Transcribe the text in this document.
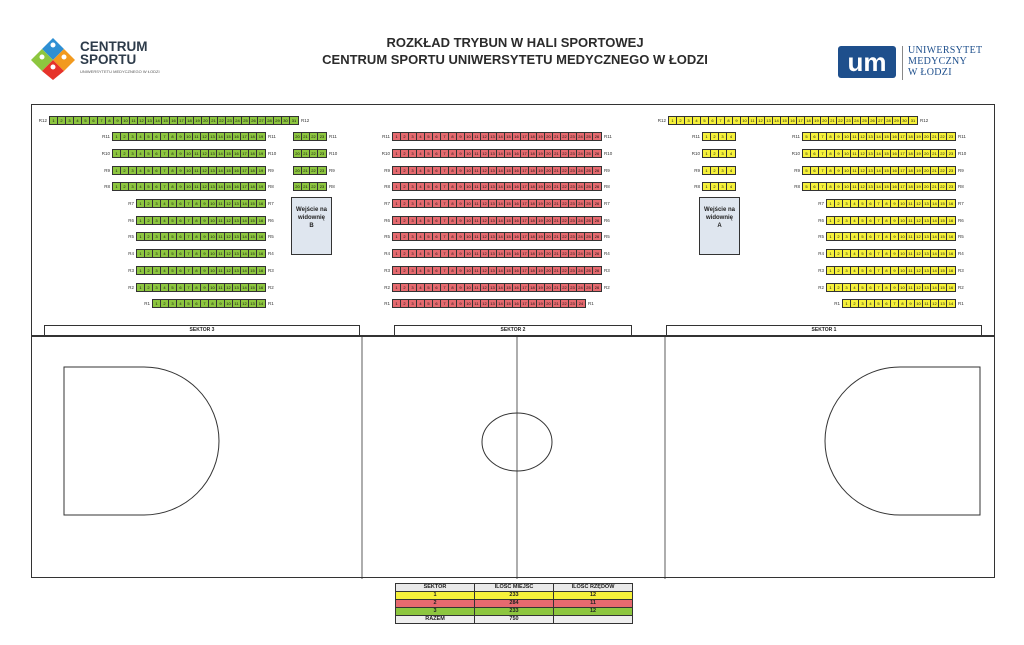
ROZKŁAD TRYBUN W HALI SPORTOWEJ
CENTRUM SPORTU UNIWERSYTETU MEDYCZNEGO W ŁODZI
CENTRUM
SPORTU
UNIWERSYTETU MEDYCZNEGO W ŁODZI	um UNIWERSYTET
MEDYCZNY
W ŁODZI
R12	1	2	3	4	5	6	7	8	9	10 11 12 13 14 15 16 17 18 19 20 21 22 23 24 25 26 27 28 29 30	31	R12
R11	1	2	3	4	5	6	7	8	9	10 11 12 13 14 15 16 17 18	19	R11
R10	1	2	3	4	5	6	7	8	9	10 11 12 13 14 15 16 17 18	19	R10
R9	1	2	3	4	5	6	7	8	9	10 11 12 13 14 15 16 17 18	19	R9
R8	1	2	3	4	5	6	7	8	9	10 11 12 13 14 15 16 17 18	19	R8
R7	1	2	3	4	5	6	7	8	9	10 11 12 13 14 15	16	R7
R6	1	2	3	4	5	6	7	8	9	10 11 12 13 14 15	16	R6
R5	1	2	3	4	5	6	7	8	9	10 11 12 13 14 15	16	R5
R4	1	2	3	4	5	6	7	8	9	10 11 12 13 14 15	16	R4
R3	1	2	3	4	5	6	7	8	9	10 11 12 13 14 15	16	R3
R2	1	2	3	4	5	6	7	8	9	10 11 12 13 14 15	16	R2
R1	1	2	3	4	5	6	7	8	9	10 11 12 13	14	R1
20 21 22	23	R11
20 21 22	23	R10
20 21 22	23	R9
20 21 22	23	R8
R11	1	2	3	4	5	6	7	8	9	10 11 12 13 14 15 16 17 18 19 20 21 22 23 24 25	26	R11
R10	1	2	3	4	5	6	7	8	9	10 11 12 13 14 15 16 17 18 19 20 21 22 23 24 25	26	R10
R9	1	2	3	4	5	6	7	8	9	10 11 12 13 14 15 16 17 18 19 20 21 22 23 24 25	26	R9
R8	1	2	3	4	5	6	7	8	9	10 11 12 13 14 15 16 17 18 19 20 21 22 23 24 25	26	R8
R7	1	2	3	4	5	6	7	8	9	10 11 12 13 14 15 16 17 18 19 20 21 22 23 24 25	26	R7
R6	1	2	3	4	5	6	7	8	9	10 11 12 13 14 15 16 17 18 19 20 21 22 23 24 25	26	R6
R5	1	2	3	4	5	6	7	8	9	10 11 12 13 14 15 16 17 18 19 20 21 22 23 24 25	26	R5
R4	1	2	3	4	5	6	7	8	9	10 11 12 13 14 15 16 17 18 19 20 21 22 23 24 25	26	R4
R3	1	2	3	4	5	6	7	8	9	10 11 12 13 14 15 16 17 18 19 20 21 22 23 24 25	26	R3
R2	1	2	3	4	5	6	7	8	9	10 11 12 13 14 15 16 17 18 19 20 21 22 23 24 25	26	R2
R1	1	2	3	4	5	6	7	8	9	10 11 12 13 14 15 16 17 18 19 20 21 22 23	24	R1
R11	1	2	3	4
R10	1	2	3	4
R9	1	2	3	4
R8	1	2	3	4
R12	1	2	3	4	5	6	7	8	9	10 11 12 13 14 15 16 17 18 19 20 21 22 23 24 25 26 27 28 29 30	31	R12
R11	5	6	7	8	9	10 11 12 13 14 15 16 17 18 19 20 21 22	23	R11
R10	5	6	7	8	9	10 11 12 13 14 15 16 17 18 19 20 21 22	23	R10
R9	5	6	7	8	9	10 11 12 13 14 15 16 17 18 19 20 21 22	23	R9
R8	5	6	7	8	9	10 11 12 13 14 15 16 17 18 19 20 21 22	23	R8
R7	1	2	3	4	5	6	7	8	9	10 11 12 13 14 15	16	R7
R6	1	2	3	4	5	6	7	8	9	10 11 12 13 14 15	16	R6
R5	1	2	3	4	5	6	7	8	9	10 11 12 13 14 15	16	R5
R4	1	2	3	4	5	6	7	8	9	10 11 12 13 14 15	16	R4
R3	1	2	3	4	5	6	7	8	9	10 11 12 13 14 15	16	R3
R2	1	2	3	4	5	6	7	8	9	10 11 12 13 14 15	16	R2
R1	1	2	3	4	5	6	7	8	9	10 11 12 13	14	R1
Wejście na
widownię
B
Wejście na
widownię
A
SEKTOR 3	SEKTOR 2	SEKTOR 1
SEKTOR	ILOŚĆ MIEJSC	ILOŚĆ RZĘDÓW
1	233	12
2	284	11
3	233	12
RAZEM	750	
